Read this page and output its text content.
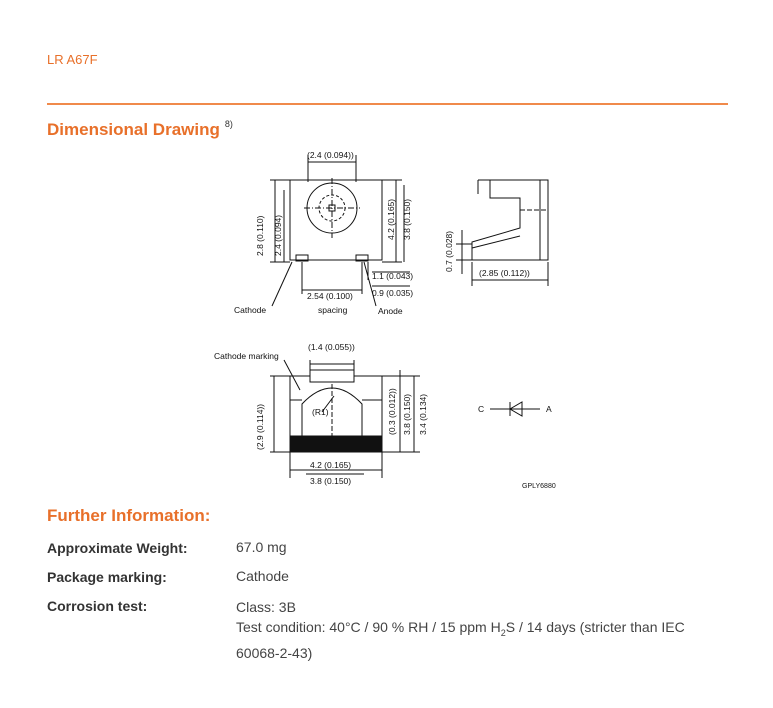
LR A67F
Dimensional Drawing $^{8)}$
(2.4 (0.094))
2.8 (0.110) 2.4 (0.094)	4.2 (0.165) 3.8 (0.150)
1.1 (0.043)
0.9 (0.035)
2.54 (0.100)
spacing
Cathode	Anode
0.7 (0.028)
(2.85 (0.112))
Cathode marking
(1.4 (0.055))
(R1)
(2.9 (0.114))	(0.3 (0.012)) 3.8 (0.150) 3.4 (0.134)
4.2 (0.165)
3.8 (0.150)
C	A
GPLY6880
Further Information:
Approximate Weight:	67.0 mg
Package marking:	Cathode
Corrosion test:	Class: 3B
Test condition: 40°C / 90 % RH / 15 ppm $H_2S / 14$ days (stricter than IEC
60068-2-43)
